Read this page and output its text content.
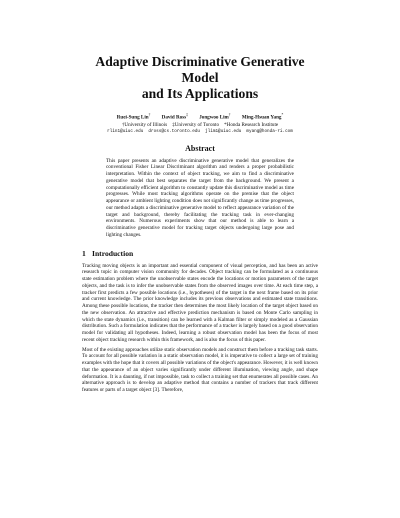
Adaptive Discriminative Generative Model
and Its Applications
Ruei-Sung Lin† David Ross‡ Jongwoo Lim† Ming-Hsuan Yang*
†University of Illinois    ‡University of Toronto    *Honda Research Institute
rlin1@uiuc.edu  dross@cs.toronto.edu  jlim1@uiuc.edu  myang@honda-ri.com
Abstract
This paper presents an adaptive discriminative generative model that generalizes the conventional Fisher Linear Discriminant algorithm and renders a proper probabilistic interpretation. Within the context of object tracking, we aim to find a discriminative generative model that best separates the target from the background. We present a computationally efficient algorithm to constantly update this discriminative model as time progresses. While most tracking algorithms operate on the premise that the object appearance or ambient lighting condition does not significantly change as time progresses, our method adapts a discriminative generative model to reflect appearance variation of the target and background, thereby facilitating the tracking task in ever-changing environments. Numerous experiments show that our method is able to learn a discriminative generative model for tracking target objects undergoing large pose and lighting changes.
1 Introduction
Tracking moving objects is an important and essential component of visual perception, and has been an active research topic in computer vision community for decades. Object tracking can be formulated as a continuous state estimation problem where the unobservable states encode the locations or motion parameters of the target objects, and the task is to infer the unobservable states from the observed images over time. At each time step, a tracker first predicts a few possible locations (i.e., hypotheses) of the target in the next frame based on its prior and current knowledge. The prior knowledge includes its previous observations and estimated state transitions. Among these possible locations, the tracker then determines the most likely location of the target object based on the new observation. An attractive and effective prediction mechanism is based on Monte Carlo sampling in which the state dynamics (i.e., transition) can be learned with a Kalman filter or simply modeled as a Gaussian distribution. Such a formulation indicates that the performance of a tracker is largely based on a good observation model for validating all hypotheses. Indeed, learning a robust observation model has been the focus of most recent object tracking research within this framework, and is also the focus of this paper.
Most of the existing approaches utilize static observation models and construct them before a tracking task starts. To account for all possible variation in a static observation model, it is imperative to collect a large set of training examples with the hope that it covers all possible variations of the object's appearance. However, it is well known that the appearance of an object varies significantly under different illumination, viewing angle, and shape deformation. It is a daunting, if not impossible, task to collect a training set that enumerates all possible cases. An alternative approach is to develop an adaptive method that contains a number of trackers that track different features or parts of a target object [3]. Therefore,
